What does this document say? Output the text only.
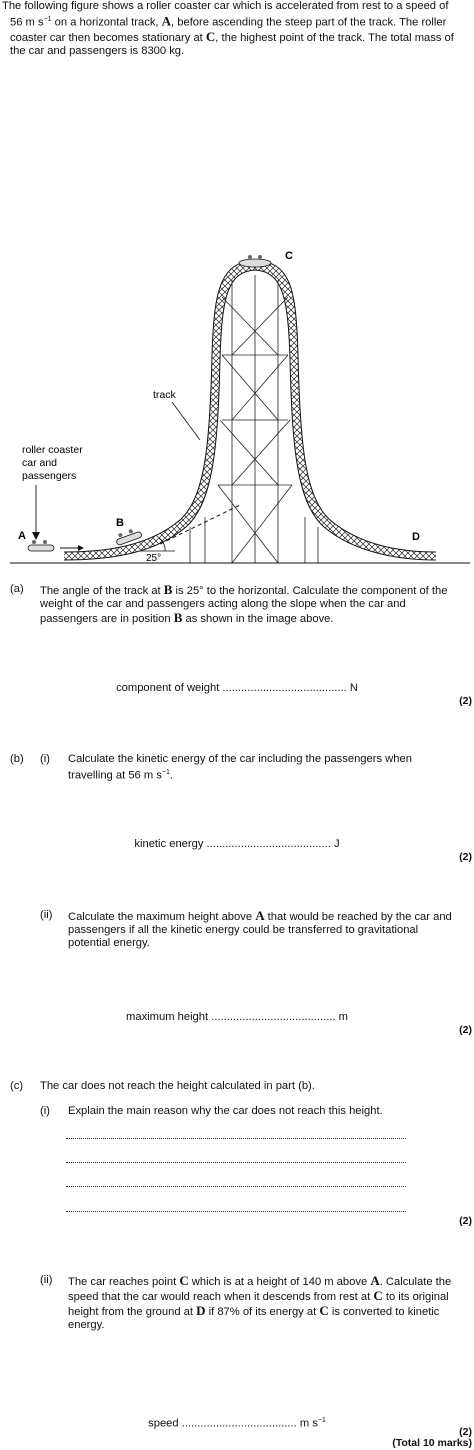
The following figure shows a roller coaster car which is accelerated from rest to a speed of
56 m $s^{-1}$ on a horizontal track, A, before ascending the steep part of the track. The roller
coaster car then becomes stationary at C, the highest point of the track. The total mass of
the car and passengers is 8300 kg.
C
track
roller coaster
car and
passengers
A
B
25°
D
(a) The angle of the track at B is 25° to the horizontal. Calculate the component of the
weight of the car and passengers acting along the slope when the car and
passengers are in position B as shown in the image above.
component of weight ........................................ N
(2)
(b) (i) Calculate the kinetic energy of the car including the passengers when
travelling at 56 m $s^{-1}$.
kinetic energy ........................................ J
(2)
(ii) Calculate the maximum height above A that would be reached by the car and
passengers if all the kinetic energy could be transferred to gravitational
potential energy.
maximum height ........................................ m
(2)
(c) The car does not reach the height calculated in part (b).
(i) Explain the main reason why the car does not reach this height.
(2)
(ii) The car reaches point C which is at a height of 140 m above A. Calculate the
speed that the car would reach when it descends from rest at C to its original
height from the ground at D if 87% of its energy at C is converted to kinetic
energy.
speed ..................................... m $s^{-1}$
(2)
(Total 10 marks)
